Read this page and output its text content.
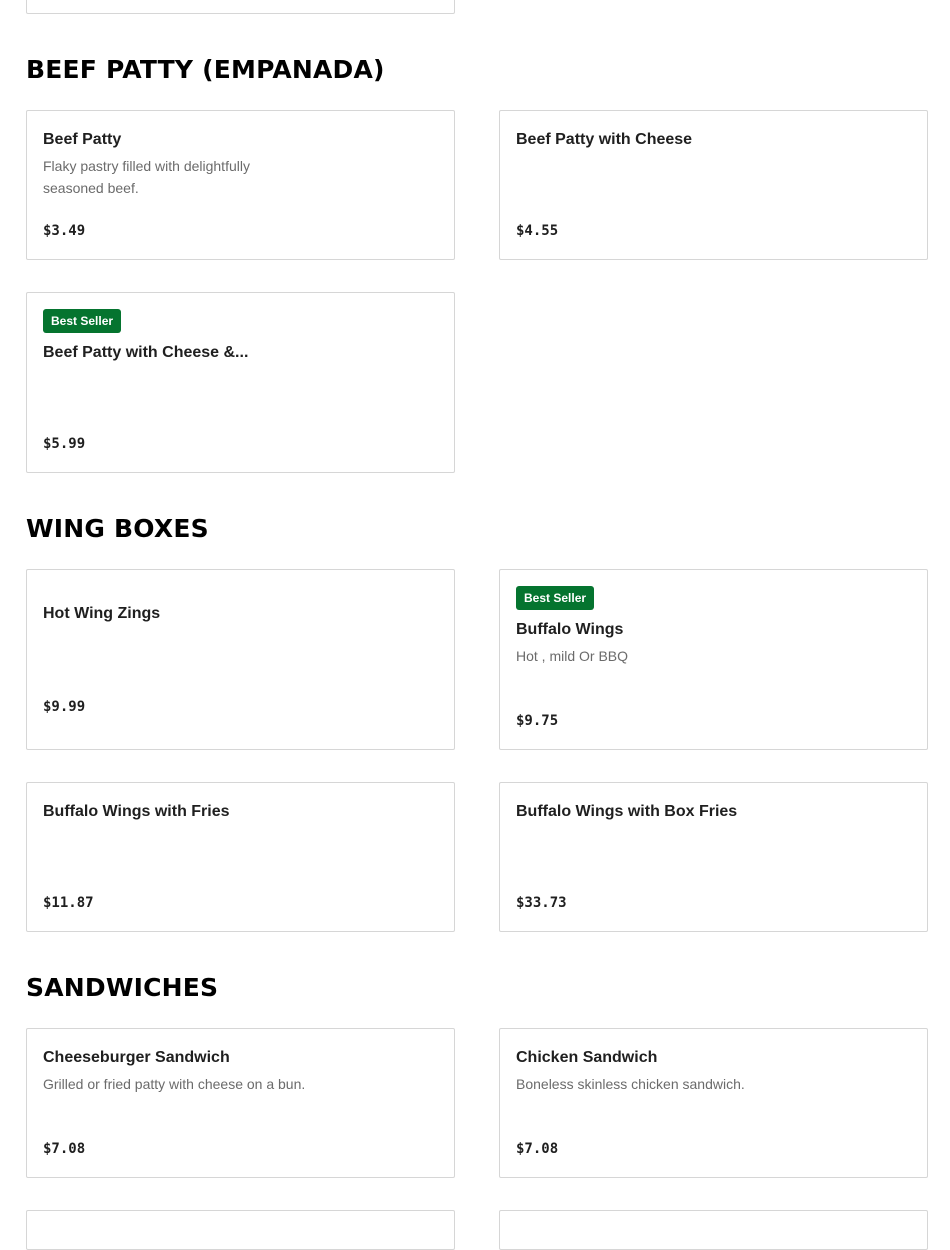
BEEF PATTY (EMPANADA)
Beef Patty
Flaky pastry filled with delightfully seasoned beef.
$3.49
Beef Patty with Cheese
$4.55
Best Seller
Beef Patty with Cheese &...
$5.99
WING BOXES
Hot Wing Zings
$9.99
Best Seller
Buffalo Wings
Hot , mild Or BBQ
$9.75
Buffalo Wings with Fries
$11.87
Buffalo Wings with Box Fries
$33.73
SANDWICHES
Cheeseburger Sandwich
Grilled or fried patty with cheese on a bun.
$7.08
Chicken Sandwich
Boneless skinless chicken sandwich.
$7.08
